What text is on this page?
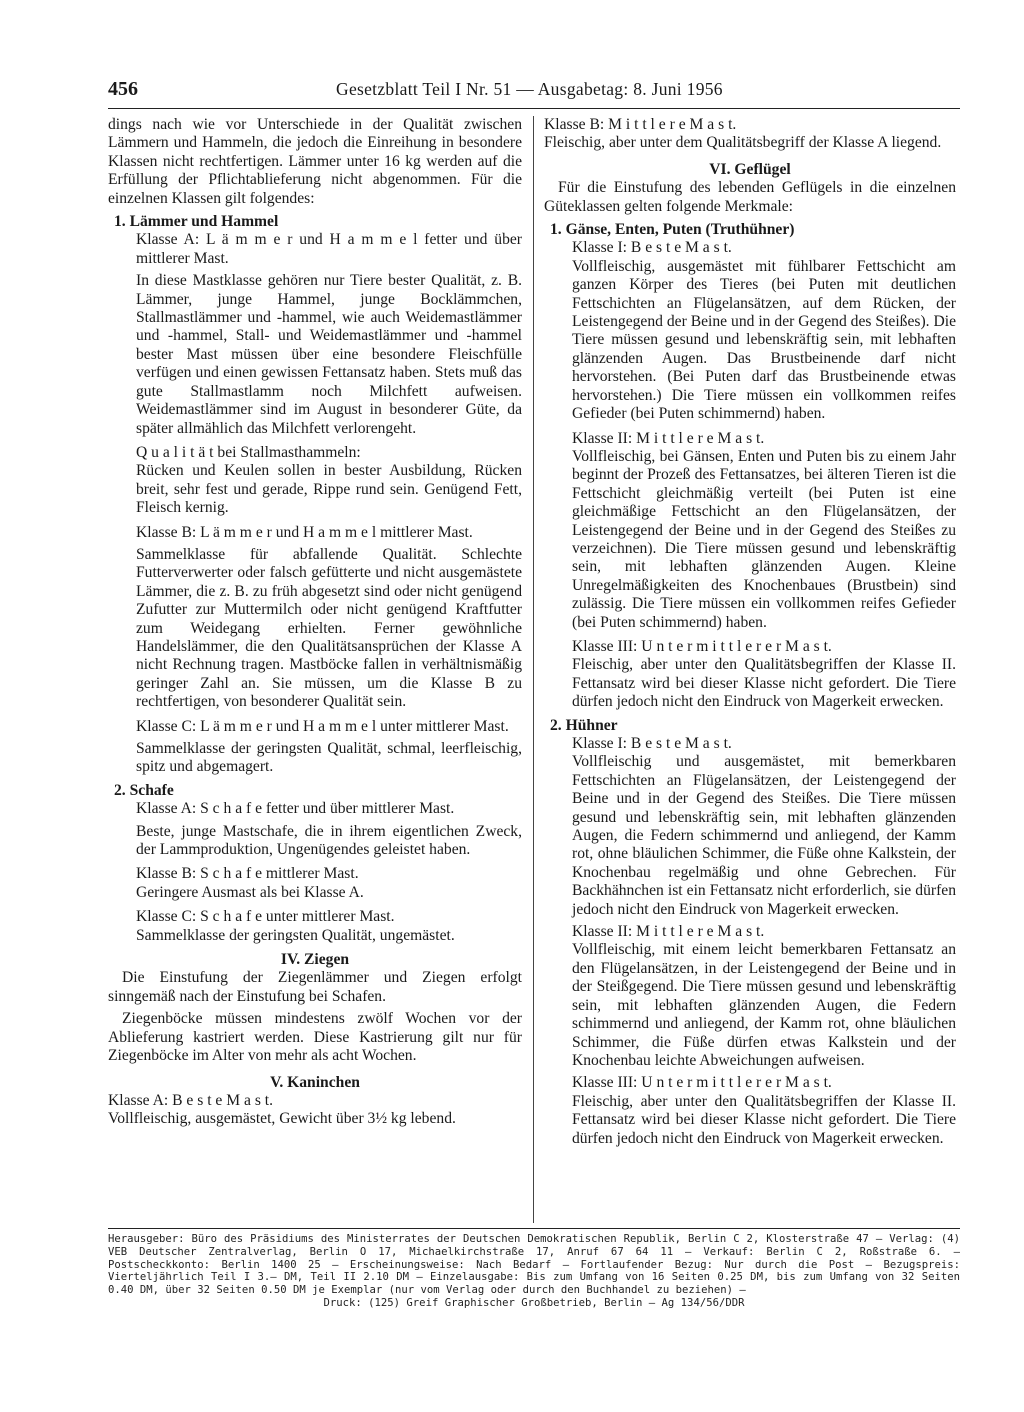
456	Gesetzblatt Teil I Nr. 51 — Ausgabetag: 8. Juni 1956

dings nach wie vor Unterschiede in der Qualität zwischen Lämmern und Hammeln, die jedoch die Einreihung in besondere Klassen nicht rechtfertigen. Lämmer unter 16 kg werden auf die Erfüllung der Pflichtablieferung nicht abgenommen. Für die einzelnen Klassen gilt folgendes:

1. Lämmer und Hammel

Klasse A: L ä m m e r und H a m m e l fetter und über mittlerer Mast.

In diese Mastklasse gehören nur Tiere bester Qualität, z. B. Lämmer, junge Hammel, junge Bocklämmchen, Stallmastlämmer und -hammel, wie auch Weidemastlämmer und -hammel, Stall- und Weidemastlämmer und -hammel bester Mast müssen über eine besondere Fleischfülle verfügen und einen gewissen Fettansatz haben. Stets muß das gute Stallmastlamm noch Milchfett aufweisen. Weidemastlämmer sind im August in besonderer Güte, da später allmählich das Milchfett verlorengeht.

Q u a l i t ä t bei Stallmasthammeln:

Rücken und Keulen sollen in bester Ausbildung, Rücken breit, sehr fest und gerade, Rippe rund sein. Genügend Fett, Fleisch kernig.

Klasse B: L ä m m e r und H a m m e l mittlerer Mast.

Sammelklasse für abfallende Qualität. Schlechte Futterverwerter oder falsch gefütterte und nicht ausgemästete Lämmer, die z. B. zu früh abgesetzt sind oder nicht genügend Zufutter zur Muttermilch oder nicht genügend Kraftfutter zum Weidegang erhielten. Ferner gewöhnliche Handelslämmer, die den Qualitätsansprüchen der Klasse A nicht Rechnung tragen. Mastböcke fallen in verhältnismäßig geringer Zahl an. Sie müssen, um die Klasse B zu rechtfertigen, von besonderer Qualität sein.

Klasse C: L ä m m e r und H a m m e l unter mittlerer Mast.

Sammelklasse der geringsten Qualität, schmal, leerfleischig, spitz und abgemagert.

2. Schafe

Klasse A: S c h a f e fetter und über mittlerer Mast.

Beste, junge Mastschafe, die in ihrem eigentlichen Zweck, der Lammproduktion, Ungenügendes geleistet haben.

Klasse B: S c h a f e mittlerer Mast.

Geringere Ausmast als bei Klasse A.

Klasse C: S c h a f e unter mittlerer Mast.

Sammelklasse der geringsten Qualität, ungemästet.

IV. Ziegen

Die Einstufung der Ziegenlämmer und Ziegen erfolgt sinngemäß nach der Einstufung bei Schafen.

Ziegenböcke müssen mindestens zwölf Wochen vor der Ablieferung kastriert werden. Diese Kastrierung gilt nur für Ziegenböcke im Alter von mehr als acht Wochen.

V. Kaninchen

Klasse A: B e s t e M a s t.

Vollfleischig, ausgemästet, Gewicht über 3½ kg lebend.

Klasse B: M i t t l e r e M a s t.

Fleischig, aber unter dem Qualitätsbegriff der Klasse A liegend.

VI. Geflügel

Für die Einstufung des lebenden Geflügels in die einzelnen Güteklassen gelten folgende Merkmale:

1. Gänse, Enten, Puten (Truthühner)

Klasse I: B e s t e M a s t.

Vollfleischig, ausgemästet mit fühlbarer Fettschicht am ganzen Körper des Tieres (bei Puten mit deutlichen Fettschichten an Flügelansätzen, auf dem Rücken, der Leistengegend der Beine und in der Gegend des Steißes). Die Tiere müssen gesund und lebenskräftig sein, mit lebhaften glänzenden Augen. Das Brustbeinende darf nicht hervorstehen. (Bei Puten darf das Brustbeinende etwas hervorstehen.) Die Tiere müssen ein vollkommen reifes Gefieder (bei Puten schimmernd) haben.

Klasse II: M i t t l e r e M a s t.

Vollfleischig, bei Gänsen, Enten und Puten bis zu einem Jahr beginnt der Prozeß des Fettansatzes, bei älteren Tieren ist die Fettschicht gleichmäßig verteilt (bei Puten ist eine gleichmäßige Fettschicht an den Flügelansätzen, der Leistengegend der Beine und in der Gegend des Steißes zu verzeichnen). Die Tiere müssen gesund und lebenskräftig sein, mit lebhaften glänzenden Augen. Kleine Unregelmäßigkeiten des Knochenbaues (Brustbein) sind zulässig. Die Tiere müssen ein vollkommen reifes Gefieder (bei Puten schimmernd) haben.

Klasse III: U n t e r m i t t l e r e r M a s t.

Fleischig, aber unter den Qualitätsbegriffen der Klasse II. Fettansatz wird bei dieser Klasse nicht gefordert. Die Tiere dürfen jedoch nicht den Eindruck von Magerkeit erwecken.

2. Hühner

Klasse I: B e s t e M a s t.

Vollfleischig und ausgemästet, mit bemerkbaren Fettschichten an Flügelansätzen, der Leistengegend der Beine und in der Gegend des Steißes. Die Tiere müssen gesund und lebenskräftig sein, mit lebhaften glänzenden Augen, die Federn schimmernd und anliegend, der Kamm rot, ohne bläulichen Schimmer, die Füße ohne Kalkstein, der Knochenbau regelmäßig und ohne Gebrechen. Für Backhähnchen ist ein Fettansatz nicht erforderlich, sie dürfen jedoch nicht den Eindruck von Magerkeit erwecken.

Klasse II: M i t t l e r e M a s t.

Vollfleischig, mit einem leicht bemerkbaren Fettansatz an den Flügelansätzen, in der Leistengegend der Beine und in der Steißgegend. Die Tiere müssen gesund und lebenskräftig sein, mit lebhaften glänzenden Augen, die Federn schimmernd und anliegend, der Kamm rot, ohne bläulichen Schimmer, die Füße dürfen etwas Kalkstein und der Knochenbau leichte Abweichungen aufweisen.

Klasse III: U n t e r m i t t l e r e r M a s t.

Fleischig, aber unter den Qualitätsbegriffen der Klasse II. Fettansatz wird bei dieser Klasse nicht gefordert. Die Tiere dürfen jedoch nicht den Eindruck von Magerkeit erwecken.

Herausgeber: Büro des Präsidiums des Ministerrates der Deutschen Demokratischen Republik, Berlin C 2, Klosterstraße 47 — Verlag: (4) VEB Deutscher Zentralverlag, Berlin O 17, Michaelkirchstraße 17, Anruf 67 64 11 — Verkauf: Berlin C 2, Roßstraße 6. — Postscheckkonto: Berlin 1400 25 — Erscheinungsweise: Nach Bedarf — Fortlaufender Bezug: Nur durch die Post — Bezugspreis: Vierteljährlich Teil I 3.— DM, Teil II 2.10 DM — Einzelausgabe: Bis zum Umfang von 16 Seiten 0.25 DM, bis zum Umfang von 32 Seiten 0.40 DM, über 32 Seiten 0.50 DM je Exemplar (nur vom Verlag oder durch den Buchhandel zu beziehen) —

Druck: (125) Greif Graphischer Großbetrieb, Berlin — Ag 134/56/DDR
